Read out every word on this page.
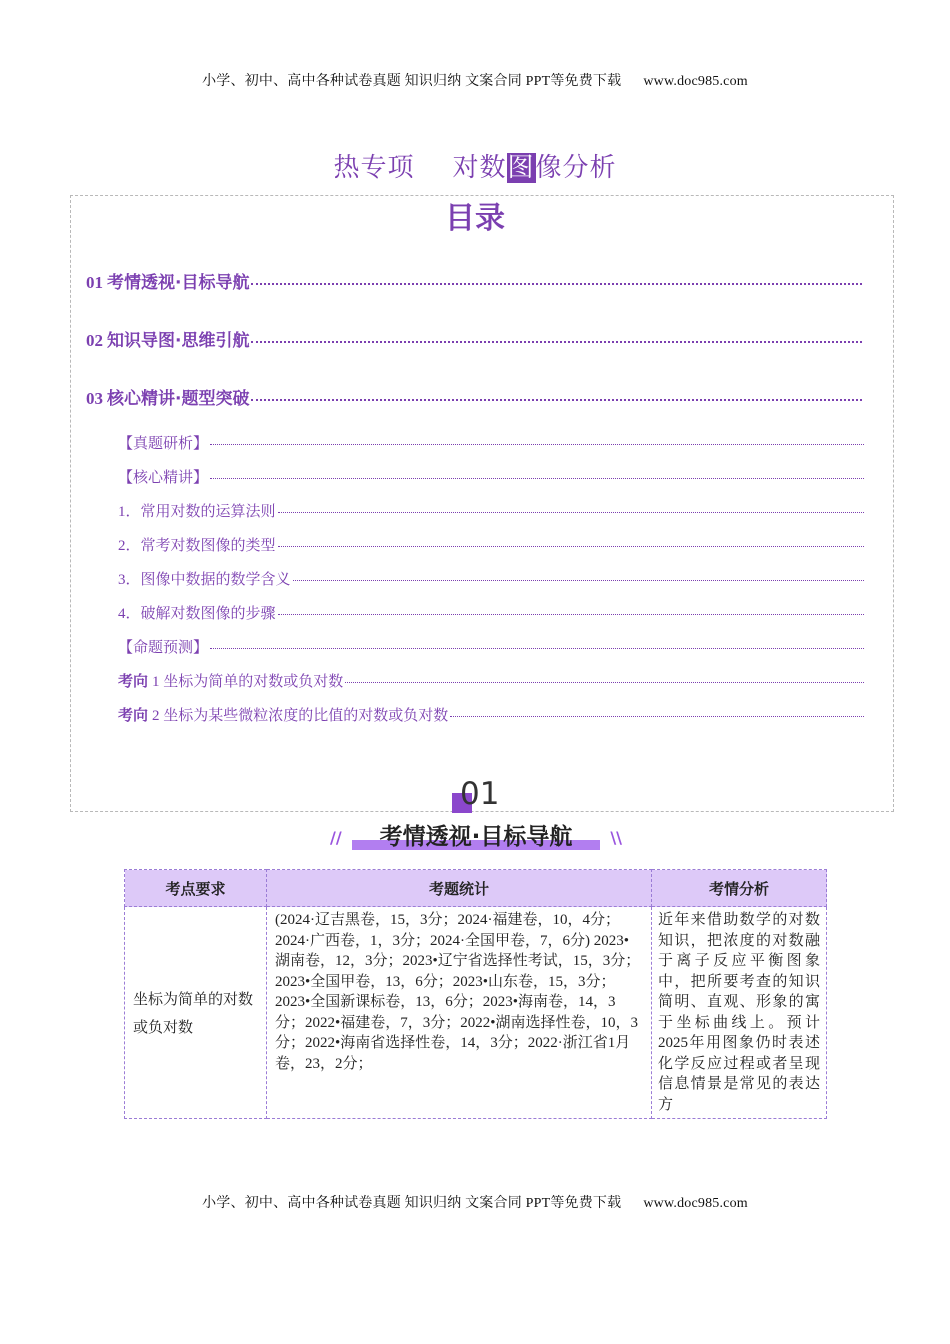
小学、初中、高中各种试卷真题 知识归纳 文案合同 PPT等免费下载 www.doc985.com
热专项 对数图像分析
目录
01 考情透视·目标导航
02 知识导图·思维引航
03 核心精讲·题型突破
【真题研析】
【核心精讲】
1．常用对数的运算法则
2．常考对数图像的类型
3．图像中数据的数学含义
4．破解对数图像的步骤
【命题预测】
考向 1 坐标为简单的对数或负对数
考向 2 坐标为某些微粒浓度的比值的对数或负对数
01
//	考情透视·目标导航	\\
考点要求	考题统计	考情分析
坐标为简单的对数或负对数	(2024·辽吉黑卷，15，3分；2024·福建卷，10，4分；2024·广西卷，1，3分；2024·全国甲卷，7，6分) 2023•湖南卷，12，3分；2023•辽宁省选择性考试，15，3分；2023•全国甲卷，13，6分；2023•山东卷，15，3分；2023•全国新课标卷，13，6分；2023•海南卷，14，3分；2022•福建卷，7，3分；2022•湖南选择性卷，10，3分；2022•海南省选择性卷，14，3分；2022·浙江省1月卷，23，2分；	近年来借助数学的对数知识，把浓度的对数融于离子反应平衡图象中，把所要考查的知识简明、直观、形象的寓于坐标曲线上。预计2025年用图象仍时表述化学反应过程或者呈现信息情景是常见的表达方
小学、初中、高中各种试卷真题 知识归纳 文案合同 PPT等免费下载 www.doc985.com
